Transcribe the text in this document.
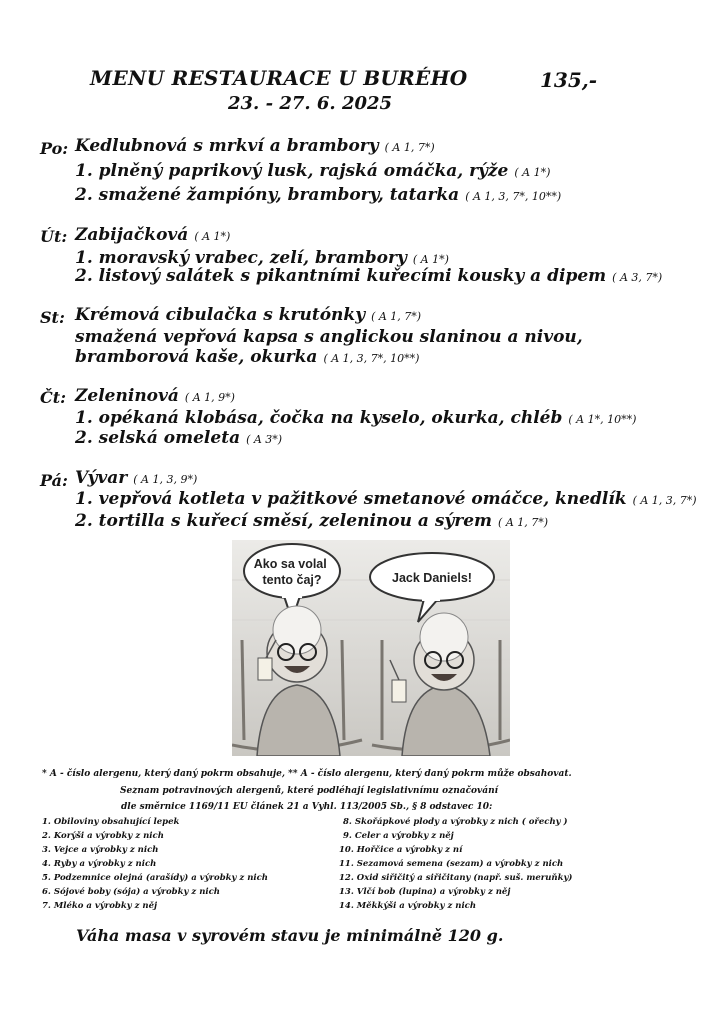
MENU RESTAURACE U BURÉHO	135,-
23. - 27. 6. 2025
Po: Kedlubnová s mrkví a brambory ( A 1, 7*)
1. plněný paprikový lusk, rajská omáčka, rýže ( A 1*)
2. smažené žampióny, brambory, tatarka ( A 1, 3, 7*, 10**)
Út: Zabijačková ( A 1*)
1. moravský vrabec, zelí, brambory ( A 1*)
2. listový salátek s pikantními kuřecími kousky a dipem ( A 3, 7*)
St: Krémová cibulačka s krutónky ( A 1, 7*)
smažená vepřová kapsa s anglickou slaninou a nivou,
bramborová kaše, okurka ( A 1, 3, 7*, 10**)
Čt: Zeleninová ( A 1, 9*)
1. opékaná klobása, čočka na kyselo, okurka, chléb ( A 1*, 10**)
2. selská omeleta ( A 3*)
Pá: Vývar ( A 1, 3, 9*)
1. vepřová kotleta v pažitkové smetanové omáčce, knedlík ( A 1, 3, 7*)
2. tortilla s kuřecí směsí, zeleninou a sýrem ( A 1, 7*)
Ako sa volal tento čaj?	Jack Daniels!
* A - číslo alergenu, který daný pokrm obsahuje, ** A - číslo alergenu, který daný pokrm může obsahovat.
Seznam potravinových alergenů, které podléhají legislativnímu označování
dle směrnice 1169/11 EU článek 21 a Vyhl. 113/2005 Sb., § 8 odstavec 10:
1. Obiloviny obsahující lepek
2. Korýši a výrobky z nich
3. Vejce a výrobky z nich
4. Ryby a výrobky z nich
5. Podzemnice olejná (arašídy) a výrobky z nich
6. Sójové boby (sója) a výrobky z nich
7. Mléko a výrobky z něj
8. Skořápkové plody a výrobky z nich ( ořechy )
9. Celer a výrobky z něj
10. Hořčice a výrobky z ní
11. Sezamová semena (sezam) a výrobky z nich
12. Oxid siřičitý a siřičitany (např. suš. meruňky)
13. Vlčí bob (lupina) a výrobky z něj
14. Měkkýši a výrobky z nich
Váha masa v syrovém stavu je minimálně 120 g.
